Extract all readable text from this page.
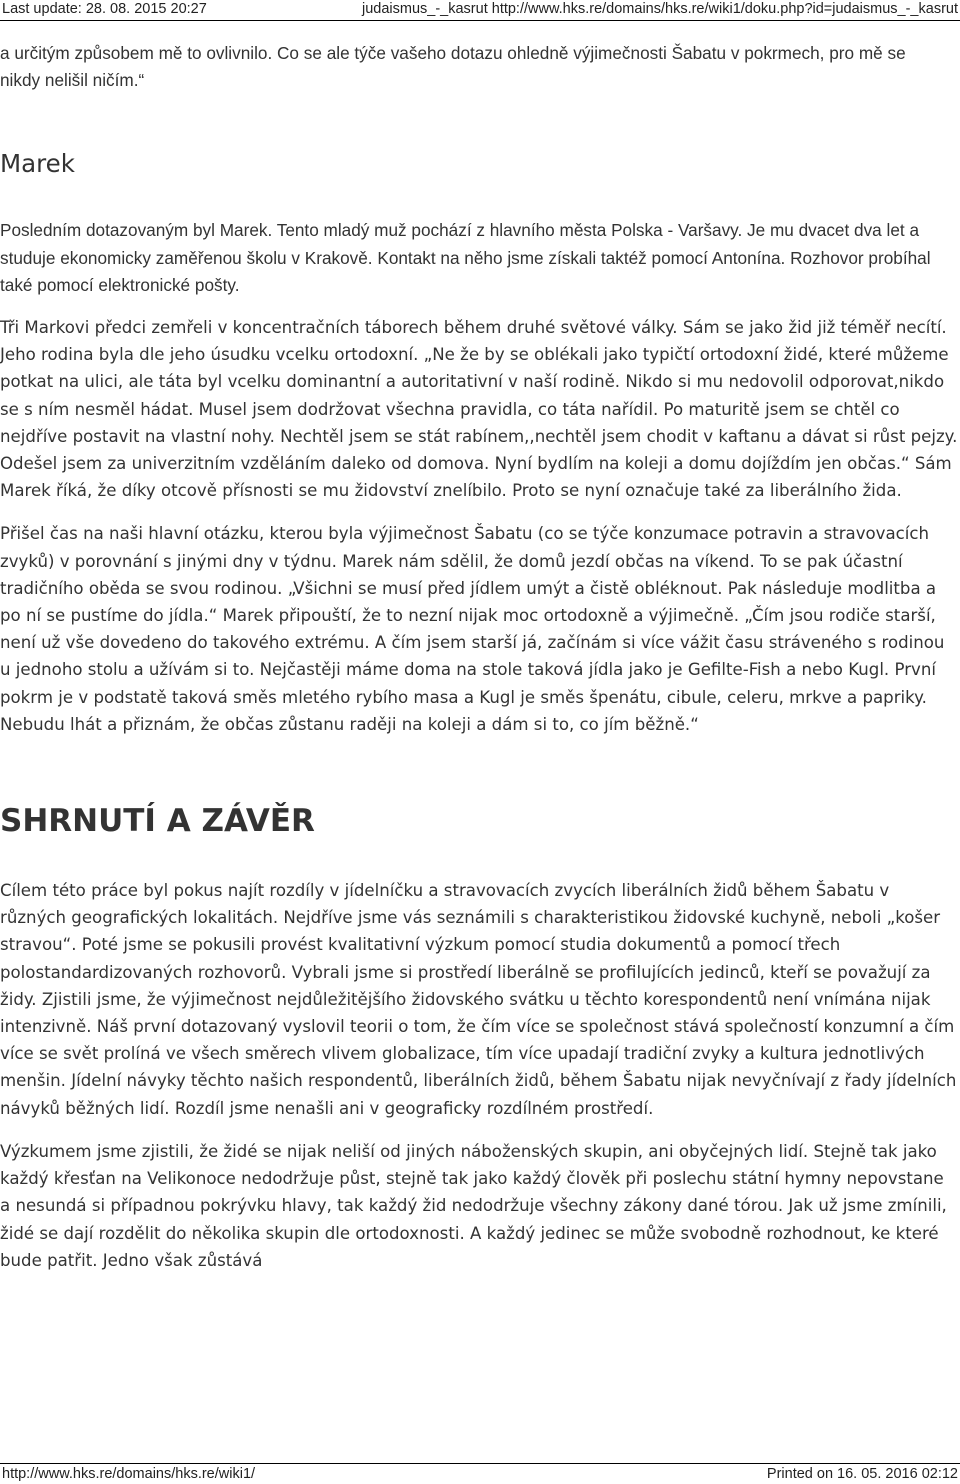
Last update: 28. 08. 2015 20:27	judaismus_-_kasrut http://www.hks.re/domains/hks.re/wiki1/doku.php?id=judaismus_-_kasrut

a určitým způsobem mě to ovlivnilo. Co se ale týče vašeho dotazu ohledně výjimečnosti Šabatu v pokrmech, pro mě se nikdy nelišil ničím.“

Marek

Posledním dotazovaným byl Marek. Tento mladý muž pochází z hlavního města Polska - Varšavy. Je mu dvacet dva let a studuje ekonomicky zaměřenou školu v Krakově. Kontakt na něho jsme získali taktéž pomocí Antonína. Rozhovor probíhal také pomocí elektronické pošty.

Tři Markovi předci zemřeli v koncentračních táborech během druhé světové války. Sám se jako žid již téměř necítí. Jeho rodina byla dle jeho úsudku vcelku ortodoxní. „Ne že by se oblékali jako typičtí ortodoxní židé, které můžeme potkat na ulici, ale táta byl vcelku dominantní a autoritativní v naší rodině. Nikdo si mu nedovolil odporovat,nikdo se s ním nesměl hádat. Musel jsem dodržovat všechna pravidla, co táta nařídil. Po maturitě jsem se chtěl co nejdříve postavit na vlastní nohy. Nechtěl jsem se stát rabínem,,nechtěl jsem chodit v kaftanu a dávat si růst pejzy. Odešel jsem za univerzitním vzděláním daleko od domova. Nyní bydlím na koleji a domu dojíždím jen občas.“ Sám Marek říká, že díky otcově přísnosti se mu židovství znelíbilo. Proto se nyní označuje také za liberálního žida.

Přišel čas na naši hlavní otázku, kterou byla výjimečnost Šabatu (co se týče konzumace potravin a stravovacích zvyků) v porovnání s jinými dny v týdnu. Marek nám sdělil, že domů jezdí občas na víkend. To se pak účastní tradičního oběda se svou rodinou. „Všichni se musí před jídlem umýt a čistě obléknout. Pak následuje modlitba a po ní se pustíme do jídla.“ Marek připouští, že to nezní nijak moc ortodoxně a výjimečně. „Čím jsou rodiče starší, není už vše dovedeno do takového extrému. A čím jsem starší já, začínám si více vážit času stráveného s rodinou u jednoho stolu a užívám si to. Nejčastěji máme doma na stole taková jídla jako je Gefilte-Fish a nebo Kugl. První pokrm je v podstatě taková směs mletého rybího masa a Kugl je směs špenátu, cibule, celeru, mrkve a papriky. Nebudu lhát a přiznám, že občas zůstanu raději na koleji a dám si to, co jím běžně.“

SHRNUTÍ A ZÁVĚR

Cílem této práce byl pokus najít rozdíly v jídelníčku a stravovacích zvycích liberálních židů během Šabatu v různých geografických lokalitách. Nejdříve jsme vás seznámili s charakteristikou židovské kuchyně, neboli „košer stravou“. Poté jsme se pokusili provést kvalitativní výzkum pomocí studia dokumentů a pomocí třech polostandardizovaných rozhovorů. Vybrali jsme si prostředí liberálně se profilujících jedinců, kteří se považují za židy. Zjistili jsme, že výjimečnost nejdůležitějšího židovského svátku u těchto korespondentů není vnímána nijak intenzivně. Náš první dotazovaný vyslovil teorii o tom, že čím více se společnost stává společností konzumní a čím více se svět prolíná ve všech směrech vlivem globalizace, tím více upadají tradiční zvyky a kultura jednotlivých menšin. Jídelní návyky těchto našich respondentů, liberálních židů, během Šabatu nijak nevyčnívají z řady jídelních návyků běžných lidí. Rozdíl jsme nenašli ani v geograficky rozdílném prostředí.

Výzkumem jsme zjistili, že židé se nijak neliší od jiných náboženských skupin, ani obyčejných lidí. Stejně tak jako každý křesťan na Velikonoce nedodržuje půst, stejně tak jako každý člověk při poslechu státní hymny nepovstane a nesundá si případnou pokrývku hlavy, tak každý žid nedodržuje všechny zákony dané tórou. Jak už jsme zmínili, židé se dají rozdělit do několika skupin dle ortodoxnosti. A každý jedinec se může svobodně rozhodnout, ke které bude patřit. Jedno však zůstává

http://www.hks.re/domains/hks.re/wiki1/	Printed on 16. 05. 2016 02:12
